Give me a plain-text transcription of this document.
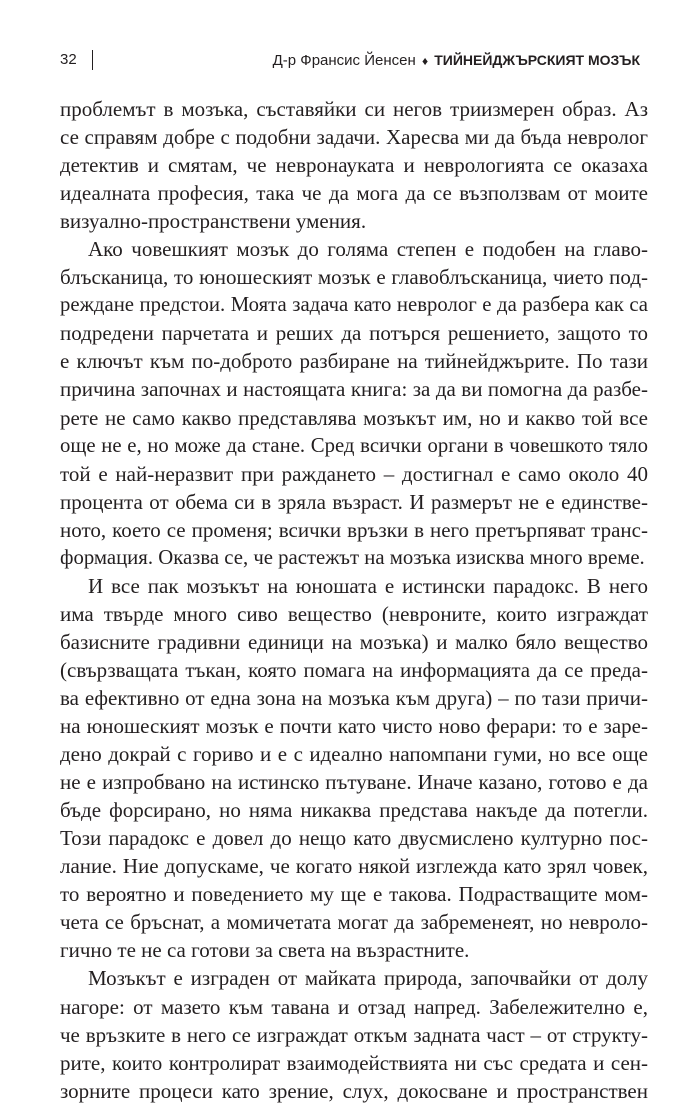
32	Д-р Франсис Йенсен ♦ ТИЙНЕЙДЖЪРСКИЯТ МОЗЪК
проблемът в мозъка, съставяйки си негов триизмерен образ. Аз
се справям добре с подобни задачи. Харесва ми да бъда невролог
детектив и смятам, че невронауката и неврологията се оказаха
идеалната професия, така че да мога да се възползвам от моите
визуално-пространствени умения.
Ако човешкият мозък до голяма степен е подобен на главо-
блъсканица, то юношеският мозък е главоблъсканица, чието под-
реждане предстои. Моята задача като невролог е да разбера как са
подредени парчетата и реших да потърся решението, защото то
е ключът към по-доброто разбиране на тийнейджърите. По тази
причина започнах и настоящата книга: за да ви помогна да разбе-
рете не само какво представлява мозъкът им, но и какво той все
още не е, но може да стане. Сред всички органи в човешкото тяло
той е най-неразвит при раждането – достигнал е само около 40
процента от обема си в зряла възраст. И размерът не е единстве-
ното, което се променя; всички връзки в него претърпяват транс-
формация. Оказва се, че растежът на мозъка изисква много време.
И все пак мозъкът на юношата е истински парадокс. В него
има твърде много сиво вещество (невроните, които изграждат
базисните градивни единици на мозъка) и малко бяло вещество
(свързващата тъкан, която помага на информацията да се преда-
ва ефективно от една зона на мозъка към друга) – по тази причи-
на юношеският мозък е почти като чисто ново ферари: то е заре-
дено докрай с гориво и е с идеално напомпани гуми, но все още
не е изпробвано на истинско пътуване. Иначе казано, готово е да
бъде форсирано, но няма никаква представа накъде да потегли.
Този парадокс е довел до нещо като двусмислено културно пос-
лание. Ние допускаме, че когато някой изглежда като зрял човек,
то вероятно и поведението му ще е такова. Подрастващите мом-
чета се бръснат, а момичетата могат да забременеят, но невроло-
гично те не са готови за света на възрастните.
Мозъкът е изграден от майката природа, започвайки от долу
нагоре: от мазето към тавана и отзад напред. Забележително е,
че връзките в него се изграждат откъм задната част – от структу-
рите, които контролират взаимодействията ни със средата и сен-
зорните процеси като зрение, слух, докосване и пространствен
